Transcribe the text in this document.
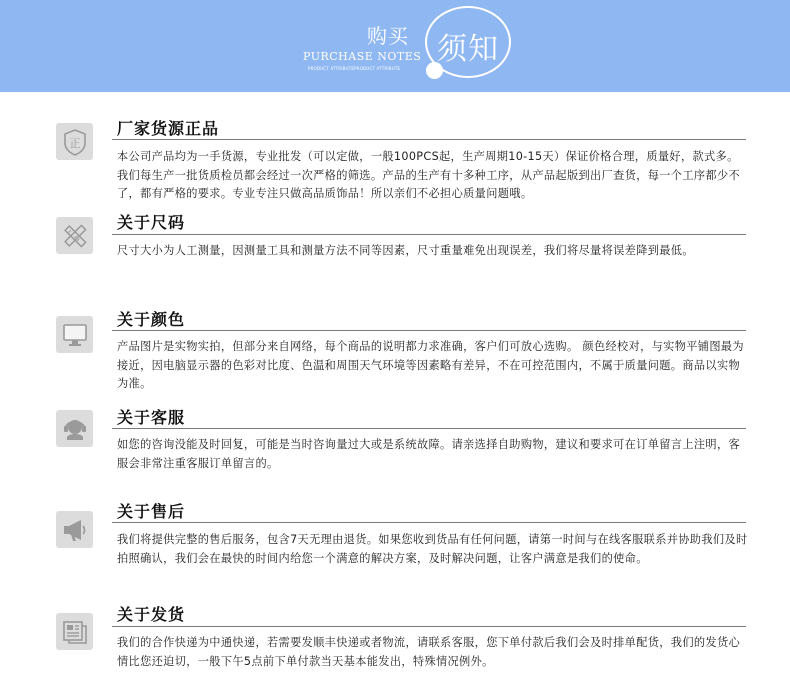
购买
PURCHASE NOTES
PRODUCT ATTRIBUTEPRODUCT ATTRIBUTE
须知
正
厂家货源正品
本公司产品均为一手货源，专业批发（可以定做，一般100PCS起，生产周期10-15天）保证价格合理，质量好，款式多。我们每生产一批货质检员都会经过一次严格的筛选。产品的生产有十多种工序，从产品起版到出厂查货，每一个工序都少不了，都有严格的要求。专业专注只做高品质饰品！所以亲们不必担心质量问题哦。
关于尺码
尺寸大小为人工测量，因测量工具和测量方法不同等因素，尺寸重量难免出现误差，我们将尽量将误差降到最低。
关于颜色
产品图片是实物实拍，但部分来自网络，每个商品的说明都力求准确，客户们可放心选购。 颜色经校对，与实物平铺图最为接近，因电脑显示器的色彩对比度、色温和周围天气环境等因素略有差异，不在可控范围内，不属于质量问题。商品以实物为准。
关于客服
如您的咨询没能及时回复，可能是当时咨询量过大或是系统故障。请亲选择自助购物，建议和要求可在订单留言上注明，客服会非常注重客服订单留言的。
关于售后
我们将提供完整的售后服务，包含7天无理由退货。如果您收到货品有任何问题，请第一时间与在线客服联系并协助我们及时拍照确认，我们会在最快的时间内给您一个满意的解决方案，及时解决问题，让客户满意是我们的使命。
关于发货
我们的合作快递为中通快递，若需要发顺丰快递或者物流，请联系客服，您下单付款后我们会及时排单配货，我们的发货心情比您还迫切，一般下午5点前下单付款当天基本能发出，特殊情况例外。
